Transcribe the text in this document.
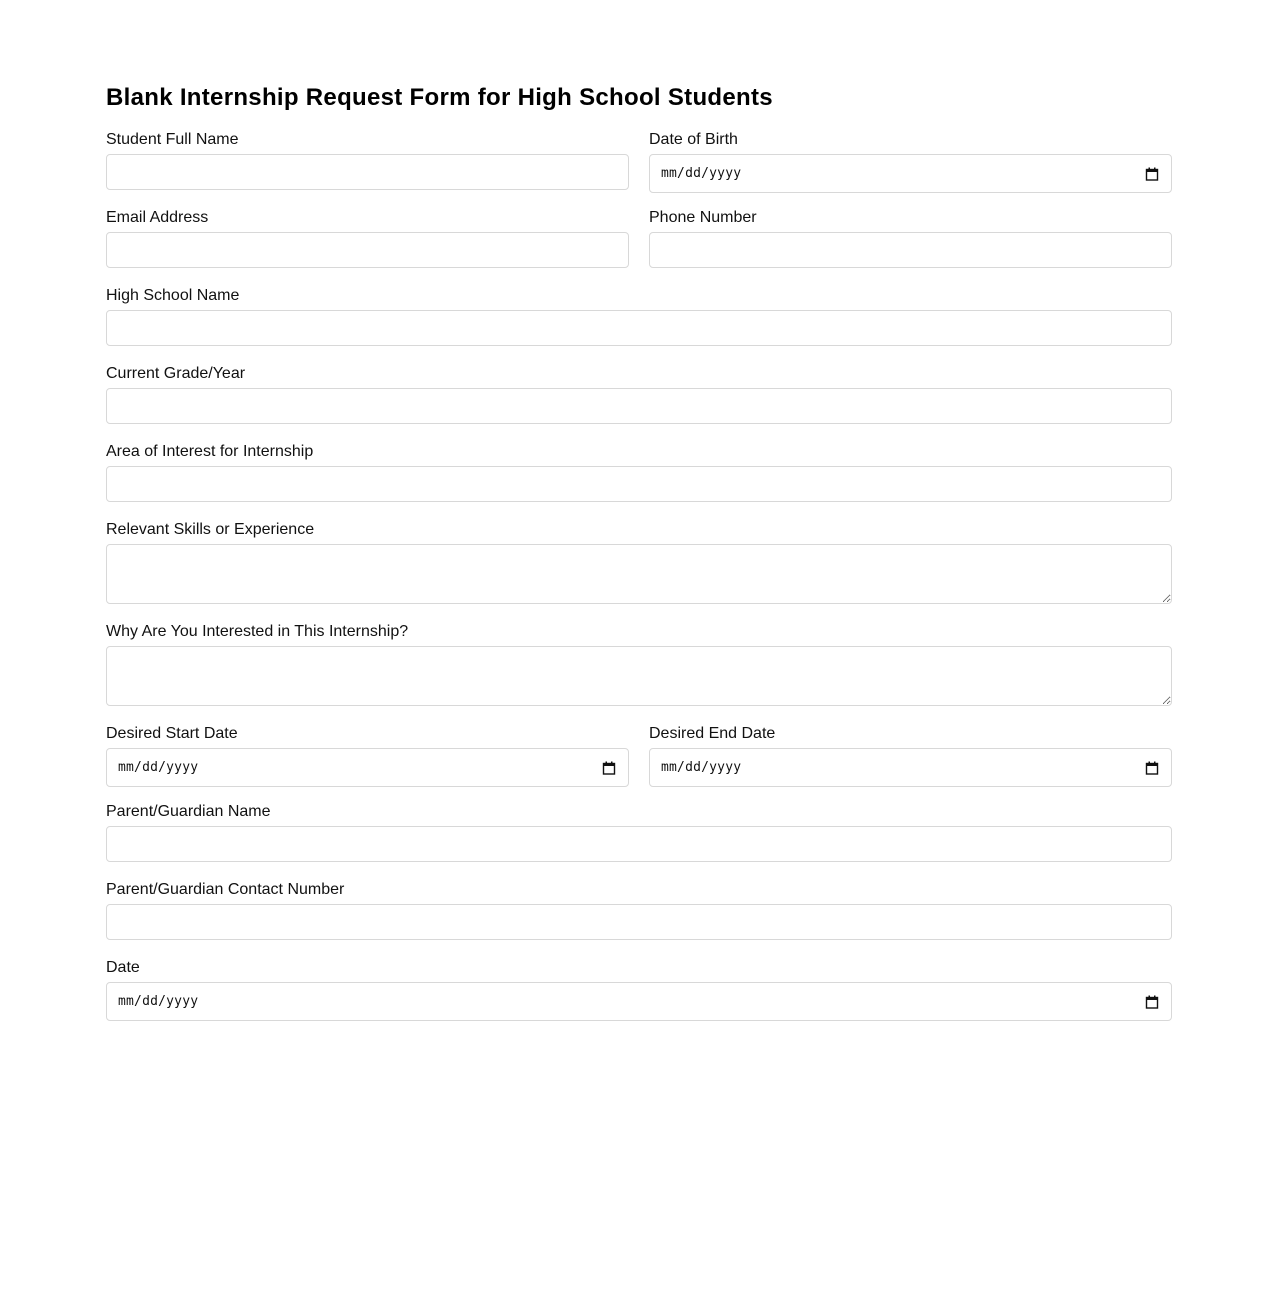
Blank Internship Request Form for High School Students
Student Full Name	Date of Birth
mm/dd/yyyy
Email Address	Phone Number
High School Name
Current Grade/Year
Area of Interest for Internship
Relevant Skills or Experience
Why Are You Interested in This Internship?
Desired Start Date
mm/dd/yyyy
Desired End Date
mm/dd/yyyy
Parent/Guardian Name
Parent/Guardian Contact Number
Date
mm/dd/yyyy
